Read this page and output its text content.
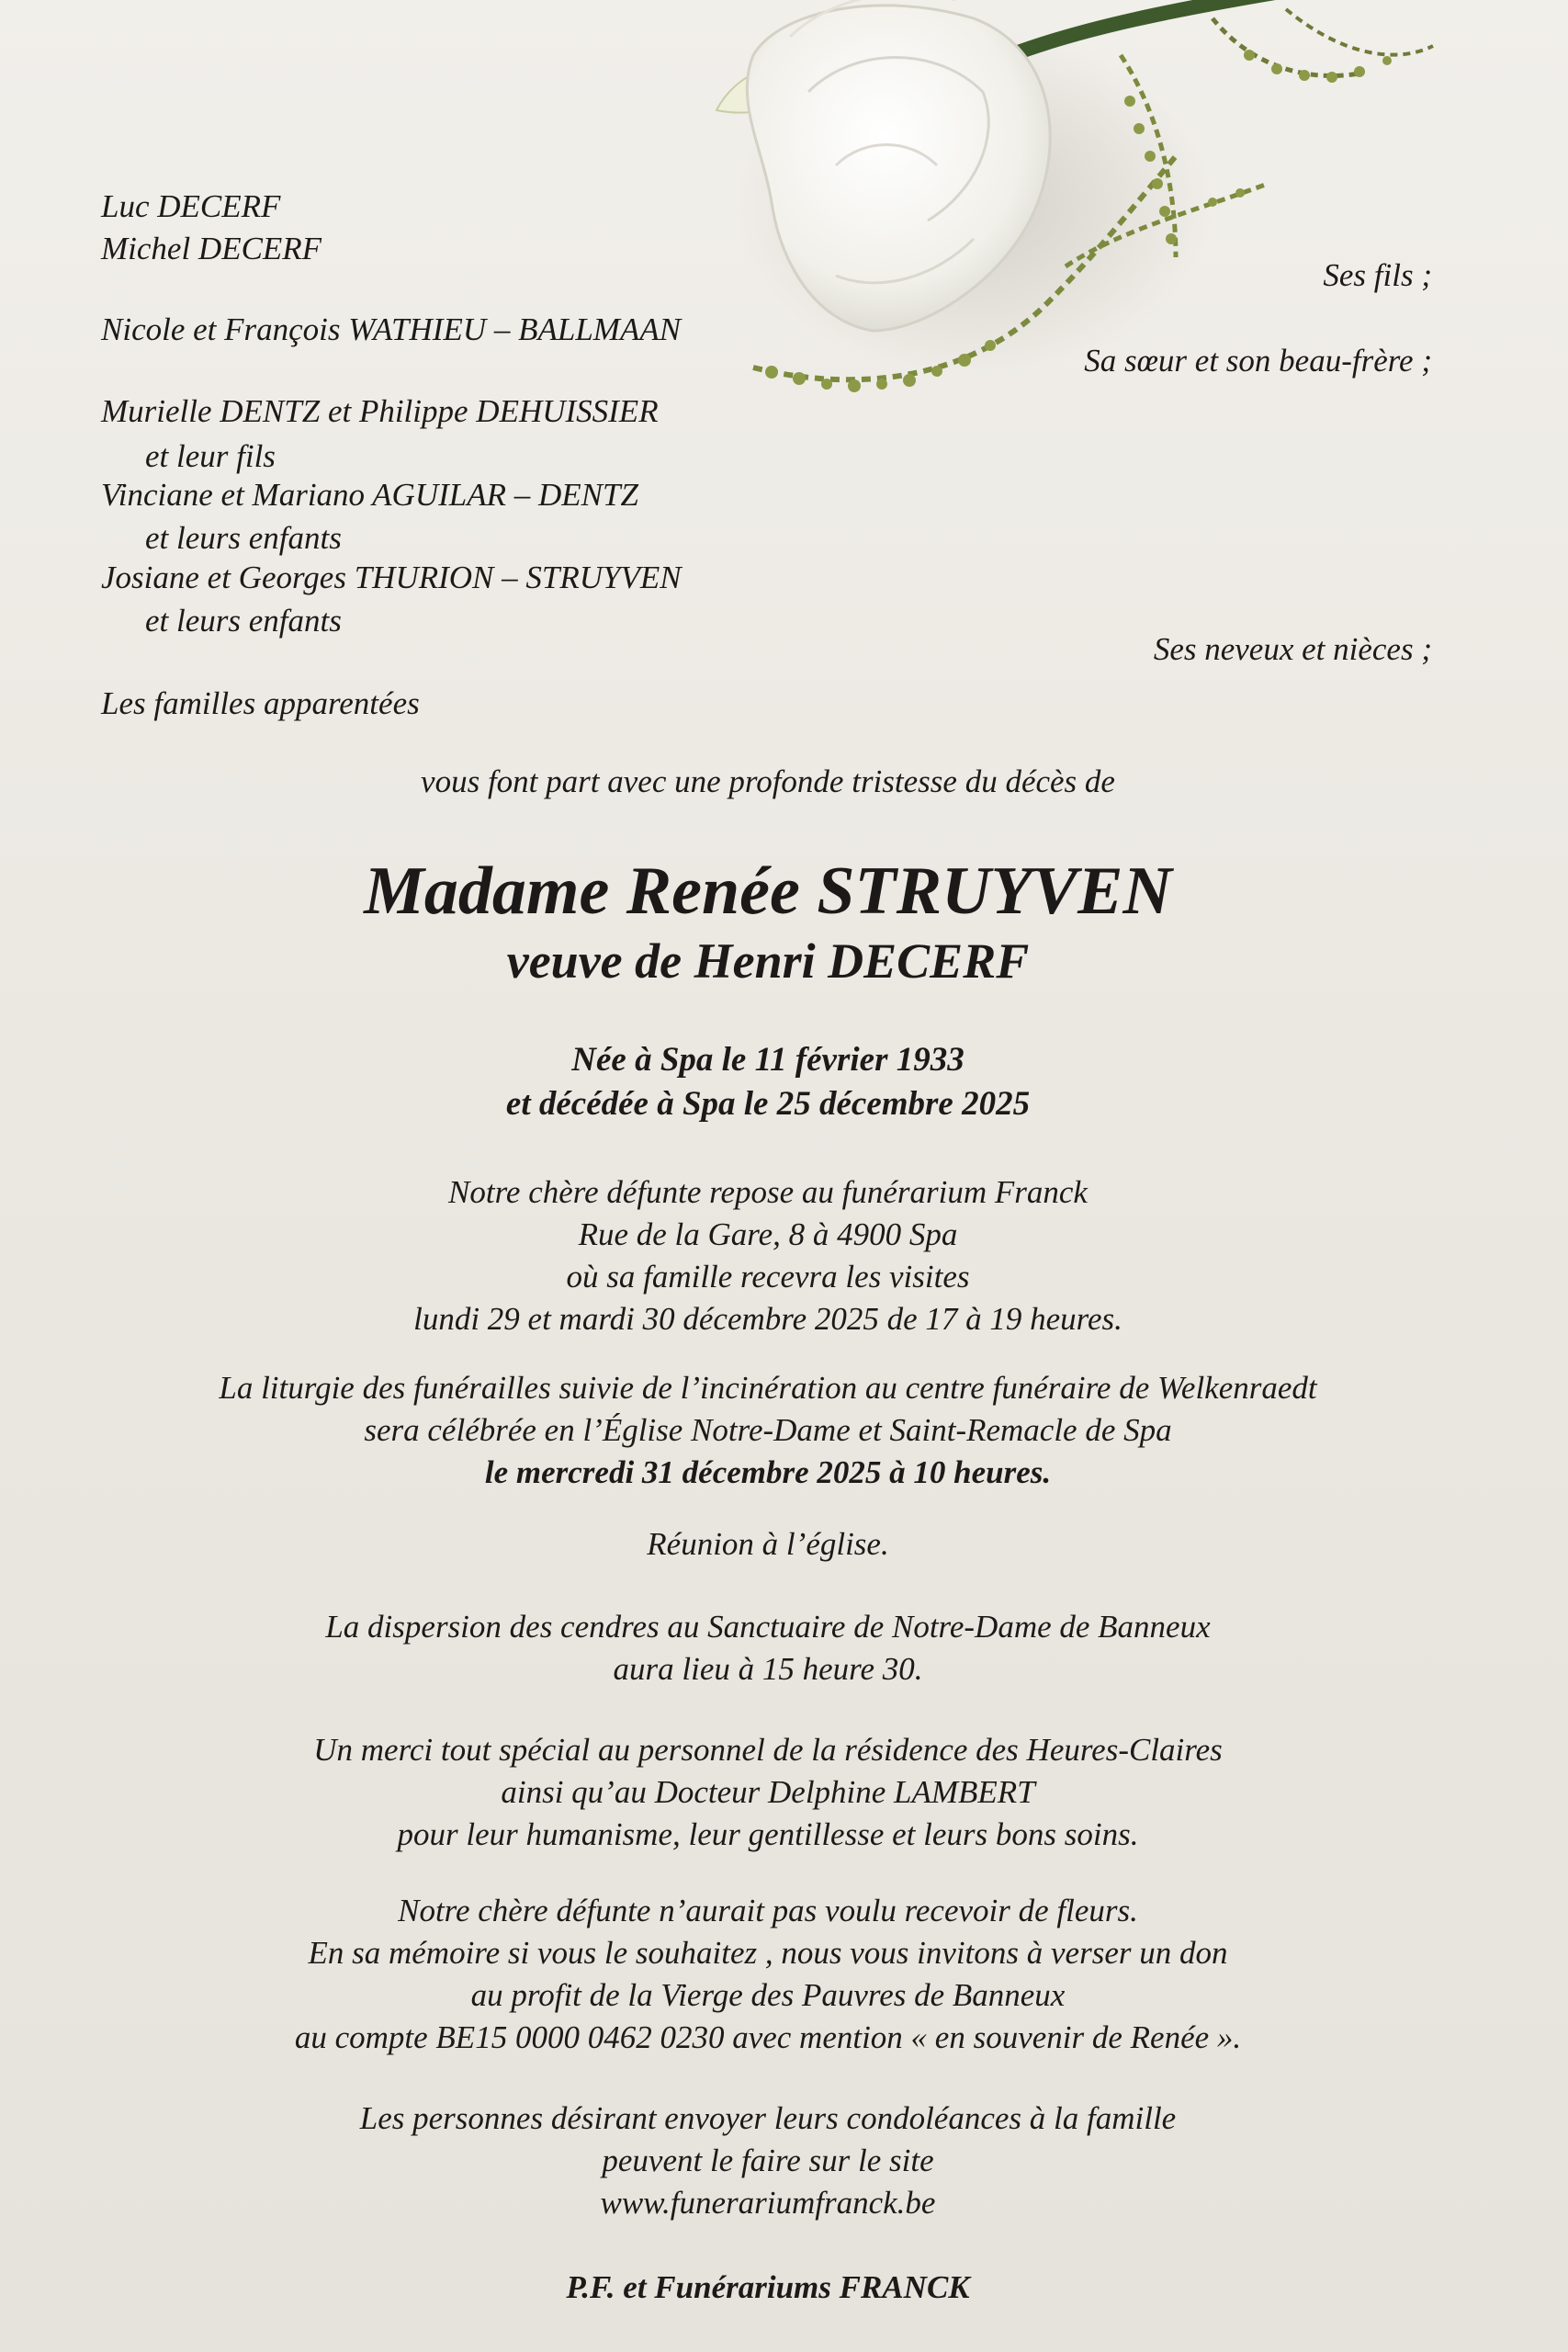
Luc DECERF
Michel DECERF
Ses fils ;
Nicole et François WATHIEU – BALLMAAN
Sa sœur et son beau-frère ;
Murielle DENTZ et Philippe DEHUISSIER
et leur fils
Vinciane et Mariano AGUILAR – DENTZ
et leurs enfants
Josiane et Georges THURION – STRUYVEN
et leurs enfants
Ses neveux et nièces ;
Les familles apparentées

vous font part avec une profonde tristesse du décès de

Madame Renée STRUYVEN
veuve de Henri DECERF

Née à Spa le 11 février 1933

et décédée à Spa le 25 décembre 2025

Notre chère défunte repose au funérarium Franck

Rue de la Gare, 8 à 4900 Spa

où sa famille recevra les visites

lundi 29 et mardi 30 décembre 2025 de 17 à 19 heures.

La liturgie des funérailles suivie de l’incinération au centre funéraire de Welkenraedt

sera célébrée en l’Église Notre-Dame et Saint-Remacle de Spa

le mercredi 31 décembre 2025 à 10 heures.

Réunion à l’église.

La dispersion des cendres au Sanctuaire de Notre-Dame de Banneux

aura lieu à 15 heure 30.

Un merci tout spécial au personnel de la résidence des Heures-Claires

ainsi qu’au Docteur Delphine LAMBERT

pour leur humanisme, leur gentillesse et leurs bons soins.

Notre chère défunte n’aurait pas voulu recevoir de fleurs.

En sa mémoire si vous le souhaitez , nous vous invitons à verser un don

au profit de la Vierge des Pauvres de Banneux

au compte BE15 0000 0462 0230 avec mention « en souvenir de Renée ».

Les personnes désirant envoyer leurs condoléances à la famille

peuvent le faire sur le site

www.funerariumfranck.be

P.F. et Funérariums FRANCK
